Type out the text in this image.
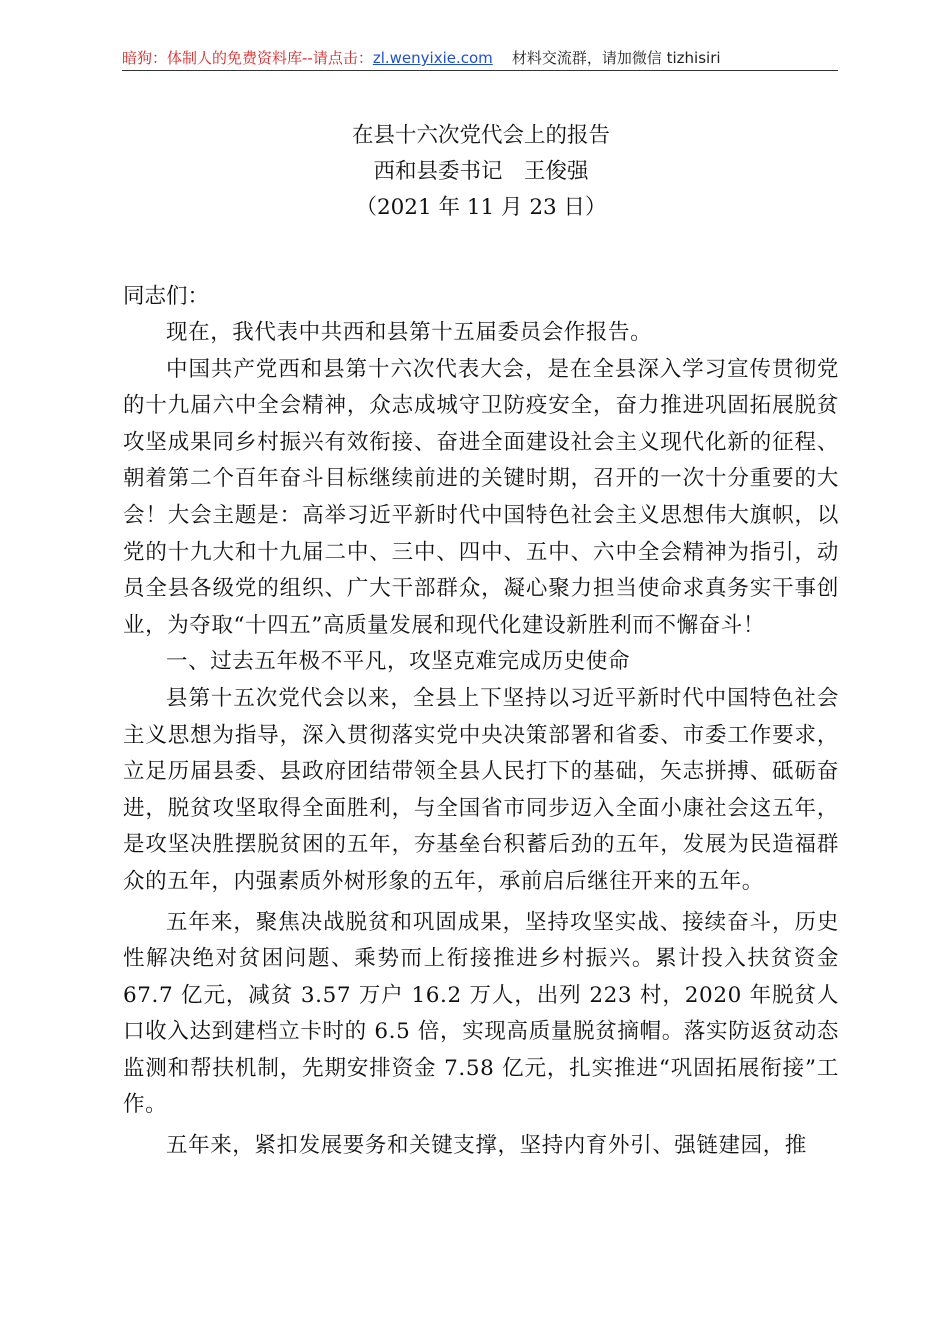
暗狗：体制人的免费资料库--请点击：zl.wenyixie.com 材料交流群，请加微信 tizhisiri
在县十六次党代会上的报告
西和县委书记　王俊强
（2021 年 11 月 23 日）
同志们：

现在，我代表中共西和县第十五届委员会作报告。

中国共产党西和县第十六次代表大会，是在全县深入学习宣传贯彻党的十九届六中全会精神，众志成城守卫防疫安全，奋力推进巩固拓展脱贫攻坚成果同乡村振兴有效衔接、奋进全面建设社会主义现代化新的征程、朝着第二个百年奋斗目标继续前进的关键时期，召开的一次十分重要的大会！大会主题是：高举习近平新时代中国特色社会主义思想伟大旗帜，以党的十九大和十九届二中、三中、四中、五中、六中全会精神为指引，动员全县各级党的组织、广大干部群众，凝心聚力担当使命求真务实干事创业，为夺取“十四五”高质量发展和现代化建设新胜利而不懈奋斗！

一、过去五年极不平凡，攻坚克难完成历史使命

县第十五次党代会以来，全县上下坚持以习近平新时代中国特色社会主义思想为指导，深入贯彻落实党中央决策部署和省委、市委工作要求，立足历届县委、县政府团结带领全县人民打下的基础，矢志拼搏、砥砺奋进，脱贫攻坚取得全面胜利，与全国省市同步迈入全面小康社会这五年，是攻坚决胜摆脱贫困的五年，夯基垒台积蓄后劲的五年，发展为民造福群众的五年，内强素质外树形象的五年，承前启后继往开来的五年。

五年来，聚焦决战脱贫和巩固成果，坚持攻坚实战、接续奋斗，历史性解决绝对贫困问题、乘势而上衔接推进乡村振兴。累计投入扶贫资金 67.7 亿元，减贫 3.57 万户 16.2 万人，出列 223 村，2020 年脱贫人口收入达到建档立卡时的 6.5 倍，实现高质量脱贫摘帽。落实防返贫动态监测和帮扶机制，先期安排资金 7.58 亿元，扎实推进“巩固拓展衔接”工作。

五年来，紧扣发展要务和关键支撑，坚持内育外引、强链建园，推
